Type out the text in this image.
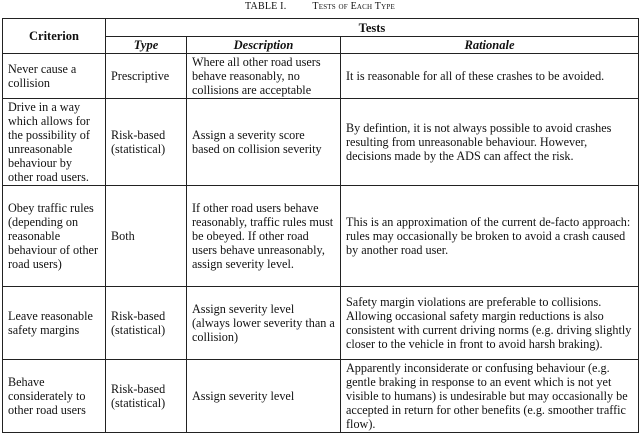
TABLE I.	Tests of Each Type
Criterion	Tests		
	Type	Description	Rationale
Never cause a collision	Prescriptive	Where all other road users behave reasonably, no collisions are acceptable	It is reasonable for all of these crashes to be avoided.
Drive in a way which allows for the possibility of unreasonable behaviour by other road users.	Risk-based (statistical)	Assign a severity score based on collision severity	By defintion, it is not always possible to avoid crashes resulting from unreasonable behaviour. However, decisions made by the ADS can affect the risk.
Obey traffic rules (depending on reasonable behaviour of other road users)	Both	If other road users behave reasonably, traffic rules must be obeyed. If other road users behave unreasonably, assign severity level.	This is an approximation of the current de-facto approach: rules may occasionally be broken to avoid a crash caused by another road user.
Leave reasonable safety margins	Risk-based (statistical)	Assign severity level (always lower severity than a collision)	Safety margin violations are preferable to collisions. Allowing occasional safety margin reductions is also consistent with current driving norms (e.g. driving slightly closer to the vehicle in front to avoid harsh braking).
Behave considerately to other road users	Risk-based (statistical)	Assign severity level	Apparently inconsiderate or confusing behaviour (e.g. gentle braking in response to an event which is not yet visible to humans) is undesirable but may occasionally be accepted in return for other benefits (e.g. smoother traffic flow).
